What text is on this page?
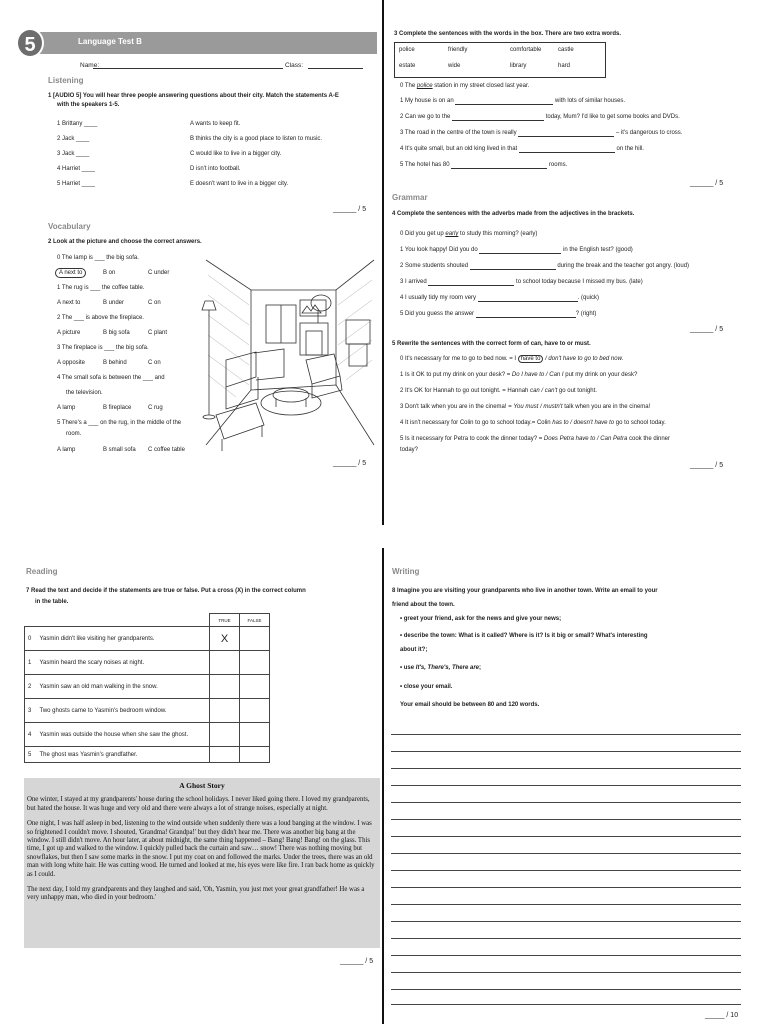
5	Language Test B
Name:	Class:
Listening
1 [AUDIO 5] You will hear three people answering questions about their city. Match the statements A-E
with the speakers 1-5.
1 Brittany ____
2 Jack ____
3 Jack ____
4 Harriet ____
5 Harriet ____
A wants to keep fit.
B thinks the city is a good place to listen to music.
C would like to live in a bigger city.
D isn't into football.
E doesn't want to live in a bigger city.
______ / 5
Vocabulary
2 Look at the picture and choose the correct answers.
0 The lamp is ___ the big sofa.
A next to	B on	C under
1 The rug is ___ the coffee table.
A next to	B under	C on
2 The ___ is above the fireplace.
A picture	B big sofa	C plant
3 The fireplace is ___ the big sofa.
A opposite	B behind	C on
4 The small sofa is between the ___ and
the television.
A lamp	B fireplace	C rug
5 There's a ___ on the rug, in the middle of the
room.
A lamp	B small sofa C coffee table
______ / 5
3 Complete the sentences with the words in the box. There are two extra words.
police	friendly	comfortable	castle
estate	wide	library	hard
0 The police station in my street closed last year.
1 My house is on an	with lots of similar houses.
2 Can we go to the	today, Mum? I'd like to get some books and DVDs.
3 The road in the centre of the town is really	– it's dangerous to cross.
4 It's quite small, but an old king lived in that	on the hill.
5 The hotel has 80	rooms.
______ / 5
Grammar
4 Complete the sentences with the adverbs made from the adjectives in the brackets.
0 Did you get up early to study this morning? (early)
1 You look happy! Did you do	in the English test? (good)
2 Some students shouted	during the break and the teacher got angry. (loud)
3 I arrived	to school today because I missed my bus. (late)
4 I usually tidy my room very	. (quick)
5 Did you guess the answer	? (right)
______ / 5
5 Rewrite the sentences with the correct form of can, have to or must.
0 It's necessary for me to go to bed now. = I have to / don't have to go to bed now.
1 Is it OK to put my drink on your desk? = Do I have to / Can I put my drink on your desk?
2 It's OK for Hannah to go out tonight. = Hannah can / can't go out tonight.
3 Don't talk when you are in the cinema! = You must / mustn't talk when you are in the cinema!
4 It isn't necessary for Colin to go to school today.= Colin has to / doesn't have to go to school today.
5 Is it necessary for Petra to cook the dinner today? = Does Petra have to / Can Petra cook the dinner
today?
______ / 5
Reading
7 Read the text and decide if the statements are true or false. Put a cross (X) in the correct column
in the table.
		TRUE	FALSE
0	Yasmin didn't like visiting her grandparents.	X	
1	Yasmin heard the scary noises at night.		
2	Yasmin saw an old man walking in the snow.		
3	Two ghosts came to Yasmin's bedroom window.		
4	Yasmin was outside the house when she saw the ghost.		
5	The ghost was Yasmin's grandfather.		
A Ghost Story

One winter, I stayed at my grandparents' house during the school holidays. I never liked going there. I loved my grandparents, but hated the house. It was huge and very old and there were always a lot of strange noises, especially at night.

One night, I was half asleep in bed, listening to the wind outside when suddenly there was a loud banging at the window. I was so frightened I couldn't move. I shouted, 'Grandma! Grandpa!' but they didn't hear me. There was another big bang at the window. I still didn't move. An hour later, at about midnight, the same thing happened – Bang! Bang! Bang! on the glass. This time, I got up and walked to the window. I quickly pulled back the curtain and saw… snow! There was nothing moving but snowflakes, but then I saw some marks in the snow. I put my coat on and followed the marks. Under the trees, there was an old man with long white hair. He was cutting wood. He turned and looked at me, his eyes were like fire. I ran back home as quickly as I could.

The next day, I told my grandparents and they laughed and said, 'Oh, Yasmin, you just met your great grandfather! He was a very unhappy man, who died in your bedroom.'

______ / 5
Writing
8 Imagine you are visiting your grandparents who live in another town. Write an email to your
friend about the town.
• greet your friend, ask for the news and give your news;
• describe the town: What is it called? Where is it? Is it big or small? What's interesting
about it?;
• use It's, There's, There are;
• close your email.
Your email should be between 80 and 120 words.
_____ / 10
